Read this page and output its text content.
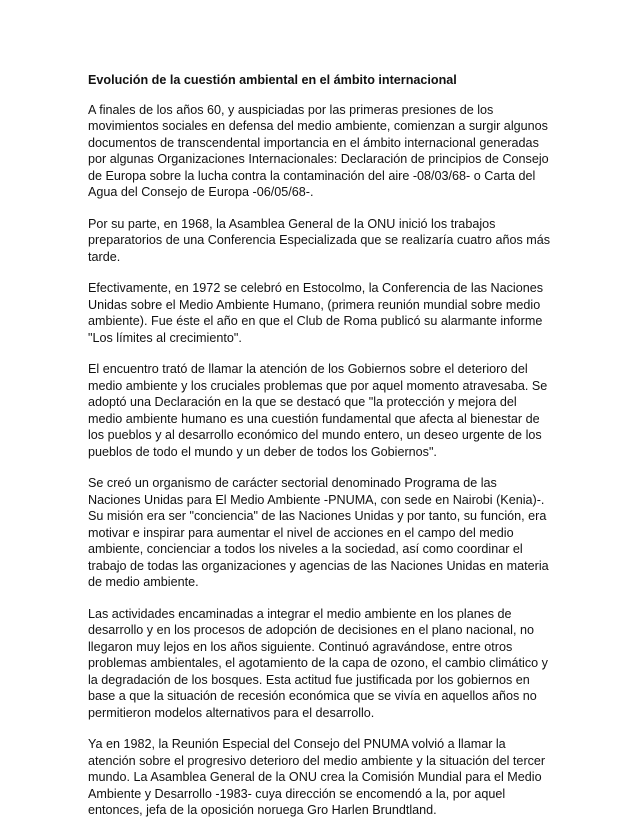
Evolución de la cuestión ambiental en el ámbito internacional

A finales de los años 60, y auspiciadas por las primeras presiones de los movimientos sociales en defensa del medio ambiente, comienzan a surgir algunos documentos de transcendental importancia en el ámbito internacional generadas por algunas Organizaciones Internacionales: Declaración de principios de Consejo de Europa sobre la lucha contra la contaminación del aire -08/03/68- o Carta del Agua del Consejo de Europa -06/05/68-.

Por su parte, en 1968, la Asamblea General de la ONU inició los trabajos preparatorios de una Conferencia Especializada que se realizaría cuatro años más tarde.

Efectivamente, en 1972 se celebró en Estocolmo, la Conferencia de las Naciones Unidas sobre el Medio Ambiente Humano, (primera reunión mundial sobre medio ambiente). Fue éste el año en que el Club de Roma publicó su alarmante informe "Los límites al crecimiento".

El encuentro trató de llamar la atención de los Gobiernos sobre el deterioro del medio ambiente y los cruciales problemas que por aquel momento atravesaba. Se adoptó una Declaración en la que se destacó que "la protección y mejora del medio ambiente humano es una cuestión fundamental que afecta al bienestar de los pueblos y al desarrollo económico del mundo entero, un deseo urgente de los pueblos de todo el mundo y un deber de todos los Gobiernos".

Se creó un organismo de carácter sectorial denominado Programa de las Naciones Unidas para El Medio Ambiente -PNUMA, con sede en Nairobi (Kenia)-. Su misión era ser "conciencia" de las Naciones Unidas y por tanto, su función, era motivar e inspirar para aumentar el nivel de acciones en el campo del medio ambiente, concienciar a todos los niveles a la sociedad, así como coordinar el trabajo de todas las organizaciones y agencias de las Naciones Unidas en materia de medio ambiente.

Las actividades encaminadas a integrar el medio ambiente en los planes de desarrollo y en los procesos de adopción de decisiones en el plano nacional, no llegaron muy lejos en los años siguiente. Continuó agravándose, entre otros problemas ambientales, el agotamiento de la capa de ozono, el cambio climático y la degradación de los bosques. Esta actitud fue justificada por los gobiernos en base a que la situación de recesión económica que se vivía en aquellos años no permitieron modelos alternativos para el desarrollo.

Ya en 1982, la Reunión Especial del Consejo del PNUMA volvió a llamar la atención sobre el progresivo deterioro del medio ambiente y la situación del tercer mundo. La Asamblea General de la ONU crea la Comisión Mundial para el Medio Ambiente y Desarrollo -1983- cuya dirección se encomendó a la, por aquel entonces, jefa de la oposición noruega Gro Harlen Brundtland.
